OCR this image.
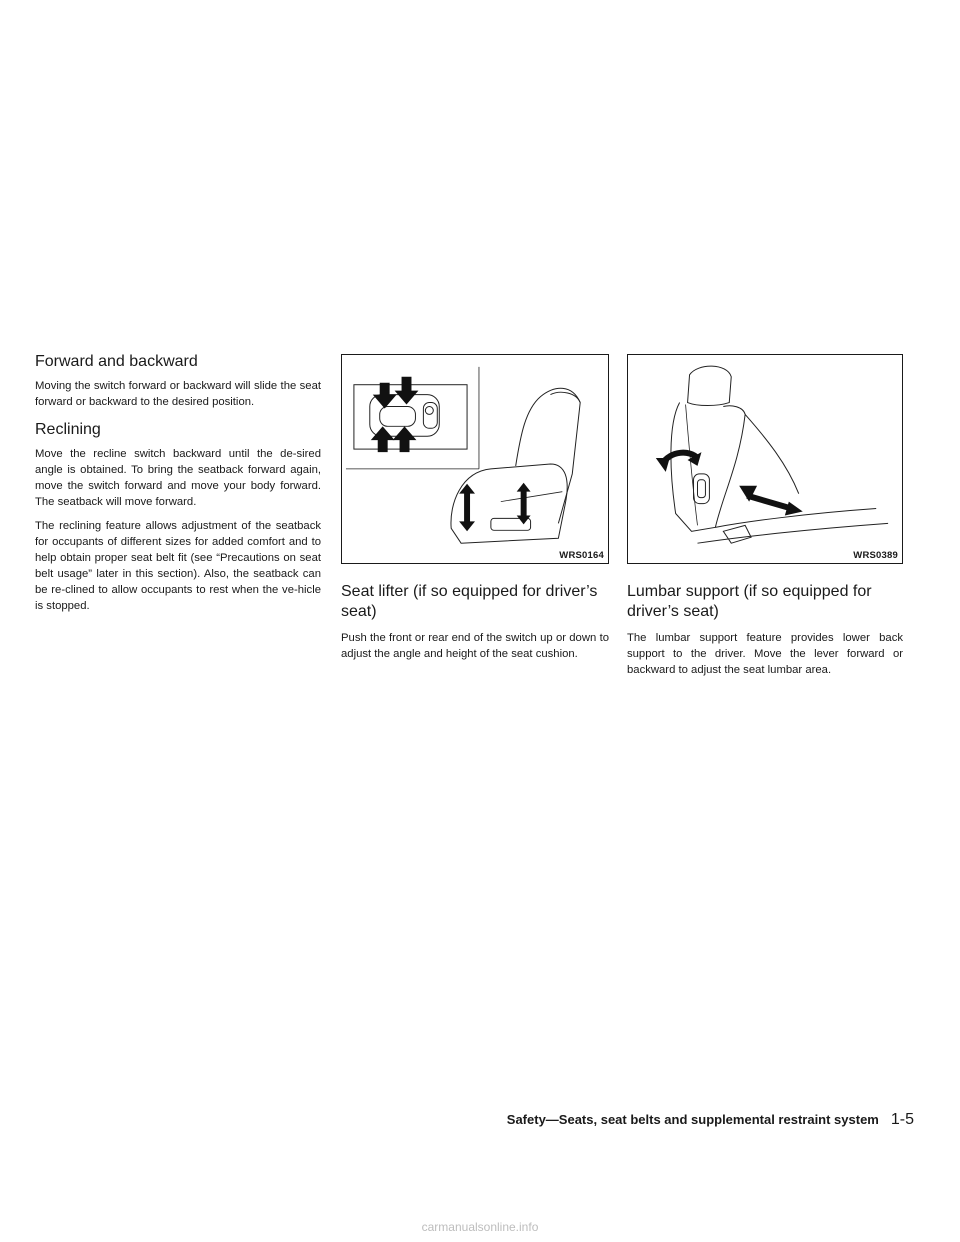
Forward and backward

Moving the switch forward or backward will slide the seat forward or backward to the desired position.

Reclining

Move the recline switch backward until the de-sired angle is obtained. To bring the seatback forward again, move the switch forward and move your body forward. The seatback will move forward.

The reclining feature allows adjustment of the seatback for occupants of different sizes for added comfort and to help obtain proper seat belt fit (see “Precautions on seat belt usage” later in this section). Also, the seatback can be re-clined to allow occupants to rest when the ve-hicle is stopped.

WRS0164
Seat lifter (if so equipped for driver’s seat)

Push the front or rear end of the switch up or down to adjust the angle and height of the seat cushion.

WRS0389
Lumbar support (if so equipped for driver’s seat)

The lumbar support feature provides lower back support to the driver. Move the lever forward or backward to adjust the seat lumbar area.

Safety—Seats, seat belts and supplemental restraint system 1-5
carmanualsonline.info
